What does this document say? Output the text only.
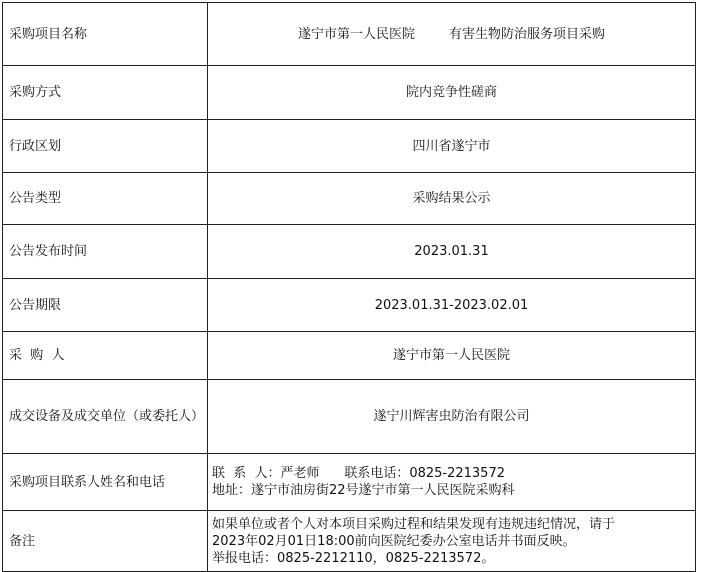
采购项目名称	遂宁市第一人民医院 有害生物防治服务项目采购
采购方式	院内竞争性磋商
行政区划	四川省遂宁市
公告类型	采购结果公示
公告发布时间	2023.01.31
公告期限	2023.01.31-2023.02.01
采  购  人	遂宁市第一人民医院
成交设备及成交单位（或委托人）	遂宁川辉害虫防治有限公司
采购项目联系人姓名和电话	联  系  人：严老师      联系电话：0825-2213572
地址：遂宁市油房街22号遂宁市第一人民医院采购科

备注	如果单位或者个人对本项目采购过程和结果发现有违规违纪情况，请于
2023年02月01日18:00前向医院纪委办公室电话并书面反映。
举报电话：0825-2212110，0825-2213572。
